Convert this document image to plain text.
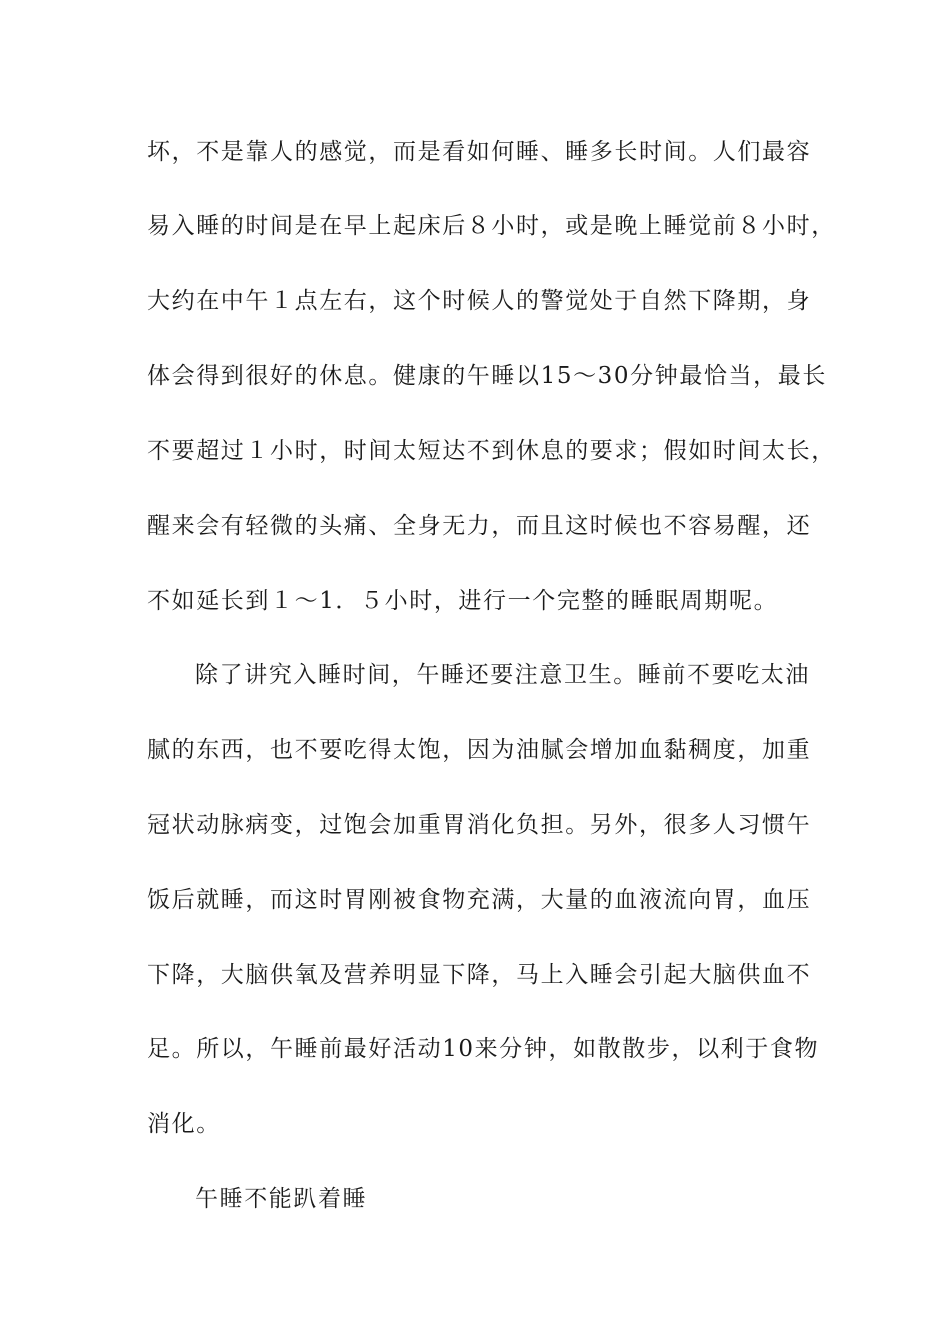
坏，不是靠人的感觉，而是看如何睡、睡多长时间。人们最容
易入睡的时间是在早上起床后８小时，或是晚上睡觉前８小时，
大约在中午１点左右，这个时候人的警觉处于自然下降期，身
体会得到很好的休息。健康的午睡以15～30分钟最恰当，最长
不要超过１小时，时间太短达不到休息的要求；假如时间太长，
醒来会有轻微的头痛、全身无力，而且这时候也不容易醒，还
不如延长到１～1．５小时，进行一个完整的睡眠周期呢。
除了讲究入睡时间，午睡还要注意卫生。睡前不要吃太油
腻的东西，也不要吃得太饱，因为油腻会增加血黏稠度，加重
冠状动脉病变，过饱会加重胃消化负担。另外，很多人习惯午
饭后就睡，而这时胃刚被食物充满，大量的血液流向胃，血压
下降，大脑供氧及营养明显下降，马上入睡会引起大脑供血不
足。所以，午睡前最好活动10来分钟，如散散步，以利于食物
消化。
午睡不能趴着睡
